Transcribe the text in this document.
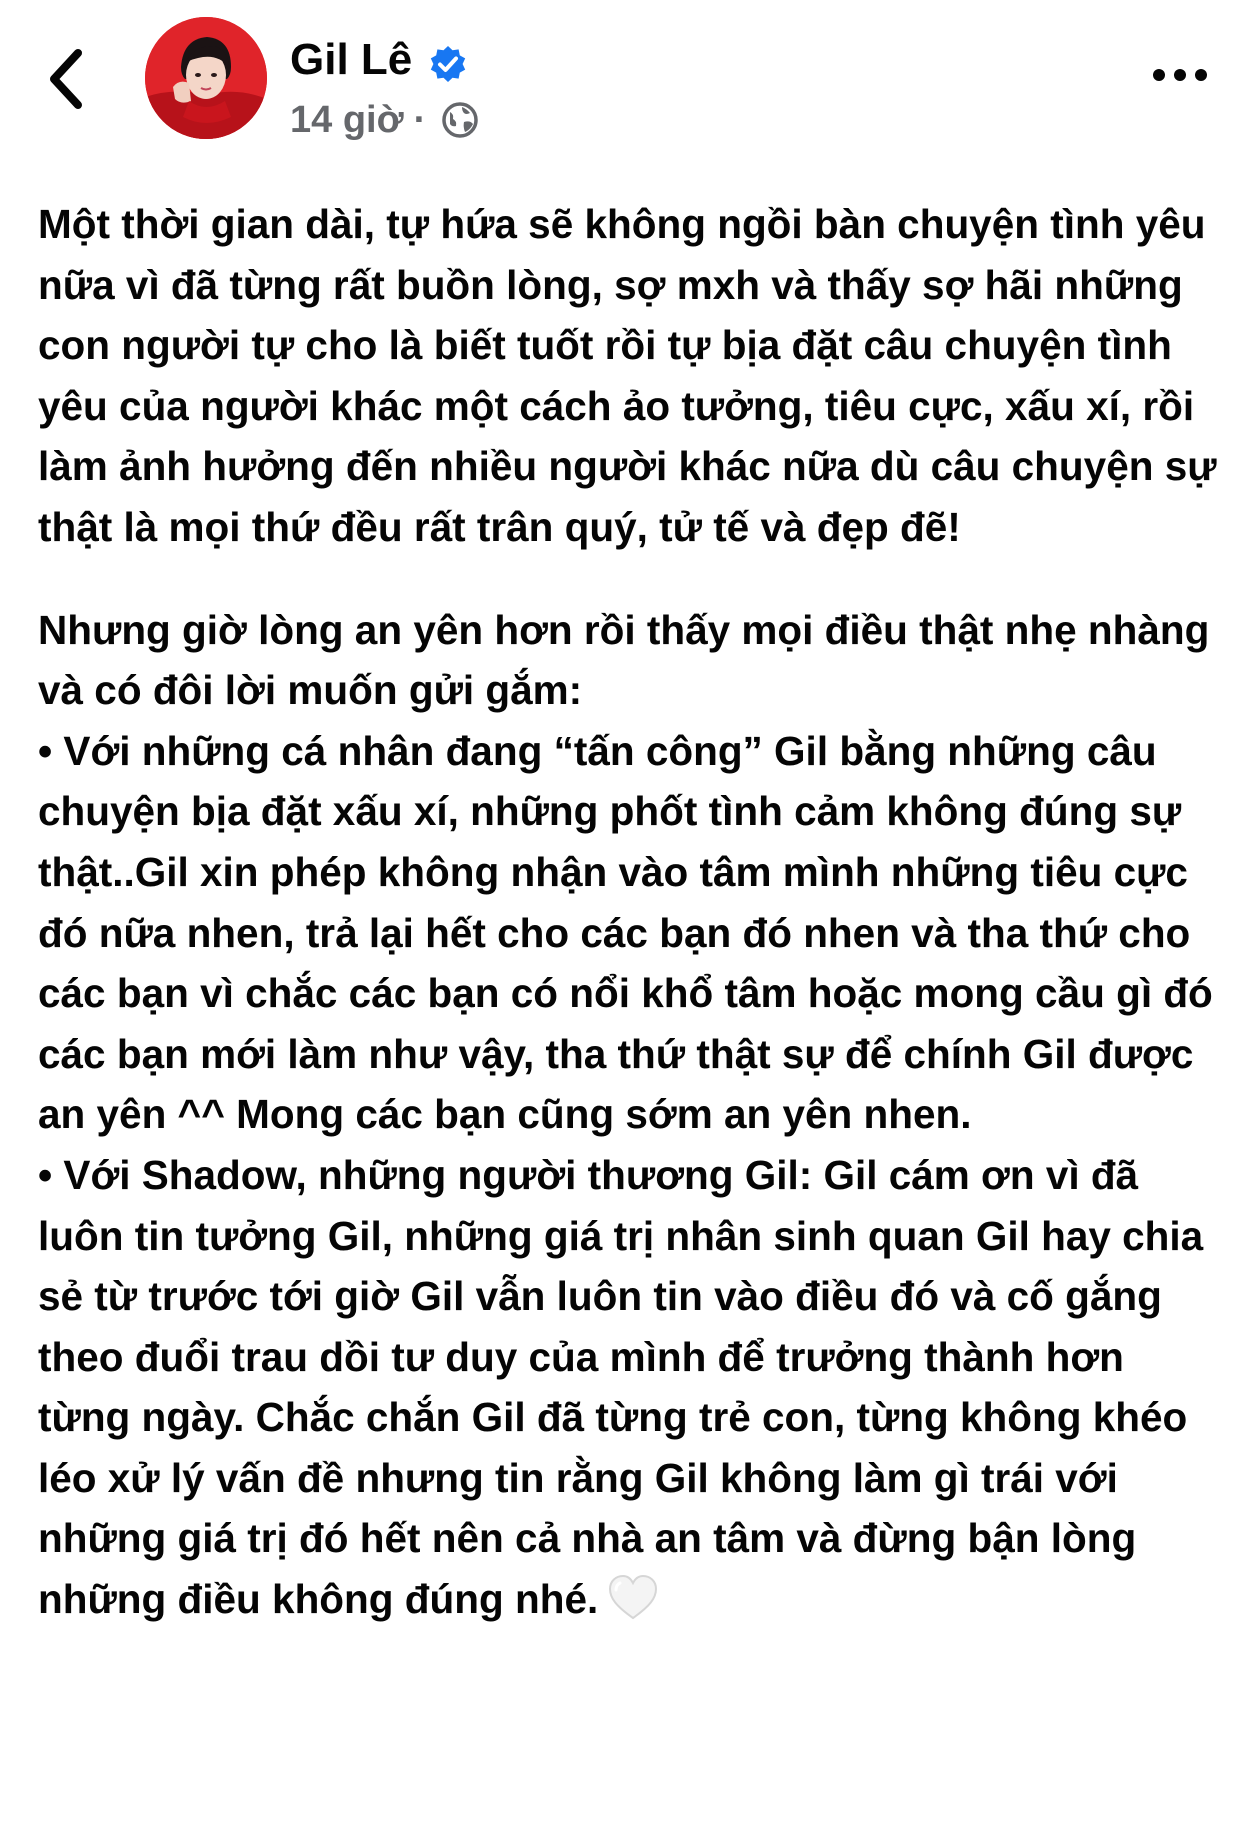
Gil Lê
14 giờ ·

Một thời gian dài, tự hứa sẽ không ngồi bàn chuyện tình yêu nữa vì đã từng rất buồn lòng, sợ mxh và thấy sợ hãi những con người tự cho là biết tuốt rồi tự bịa đặt câu chuyện tình yêu của người khác một cách ảo tưởng, tiêu cực, xấu xí, rồi làm ảnh hưởng đến nhiều người khác nữa dù câu chuyện sự thật là mọi thứ đều rất trân quý, tử tế và đẹp đẽ!

Nhưng giờ lòng an yên hơn rồi thấy mọi điều thật nhẹ nhàng và có đôi lời muốn gửi gắm:

• Với những cá nhân đang “tấn công” Gil bằng những câu chuyện bịa đặt xấu xí, những phốt tình cảm không đúng sự thật..Gil xin phép không nhận vào tâm mình những tiêu cực đó nữa nhen, trả lại hết cho các bạn đó nhen và tha thứ cho các bạn vì chắc các bạn có nổi khổ tâm hoặc mong cầu gì đó các bạn mới làm như vậy, tha thứ thật sự để chính Gil được an yên ^^ Mong các bạn cũng sớm an yên nhen.

• Với Shadow, những người thương Gil: Gil cám ơn vì đã luôn tin tưởng Gil, những giá trị nhân sinh quan Gil hay chia sẻ từ trước tới giờ Gil vẫn luôn tin vào điều đó và cố gắng theo đuổi trau dồi tư duy của mình để trưởng thành hơn từng ngày. Chắc chắn Gil đã từng trẻ con, từng không khéo léo xử lý vấn đề nhưng tin rằng Gil không làm gì trái với những giá trị đó hết nên cả nhà an tâm và đừng bận lòng những điều không đúng nhé.
